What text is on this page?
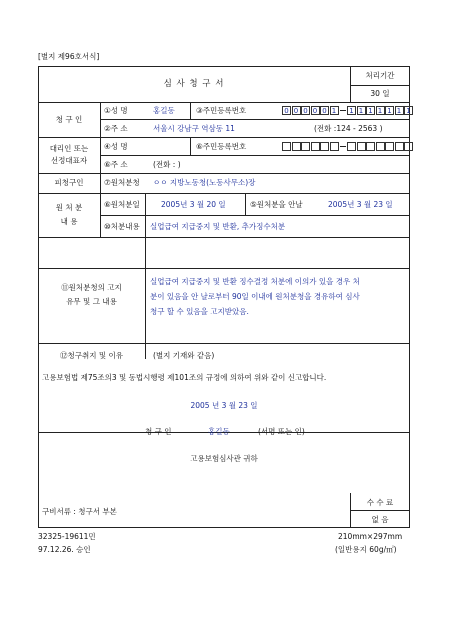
[별지 제96호서식]
심 사 청 구 서
처리기간
30 일
청 구 인
①성 명	홍길동	③주민등록번호	0 0 0 0 0 1	1 1 1 1 1 1 1
②주 소	서울시 강남구 역삼동 11	(전화 :124 - 2563 )
대리인 또는
선정대표자
④성 명	⑥주민등록번호
⑥주 소	(전화 : )
피청구인	⑦원처분청 ㅇㅇ 지방노동청(노동사무소)장
원 처 분
내 용
⑥원처분일	2005년 3 월 20 일	⑤원처분을 안날	2005년 3 월 23 일
⑩처분내용 실업급여 지급중지 및 반환, 추가징수처분
⑪원처분청의 고지
유무 및 그 내용
실업급여 지급중지 및 반환 징수결정 처분에 이의가 있을 경우 처
분이 있음을 안 날로부터 90일 이내에 원처분청을 경유하여 심사
청구 할 수 있음을 고지받았음.
⑫청구취지 및 이유	(별지 기재와 같음)
고용보험법 제75조의3 및 동법시행령 제101조의 규정에 의하여 위와 같이 신고합니다.
2005 년 3 월 23 일
청 구 인	홍길동	(서명 또는 인)
고용보험심사관 귀하
구비서류 : 청구서 부본
수 수 료
없 음
32325-19611민
97.12.26. 승인
210mm×297mm
(일반용지 60g/㎡)
